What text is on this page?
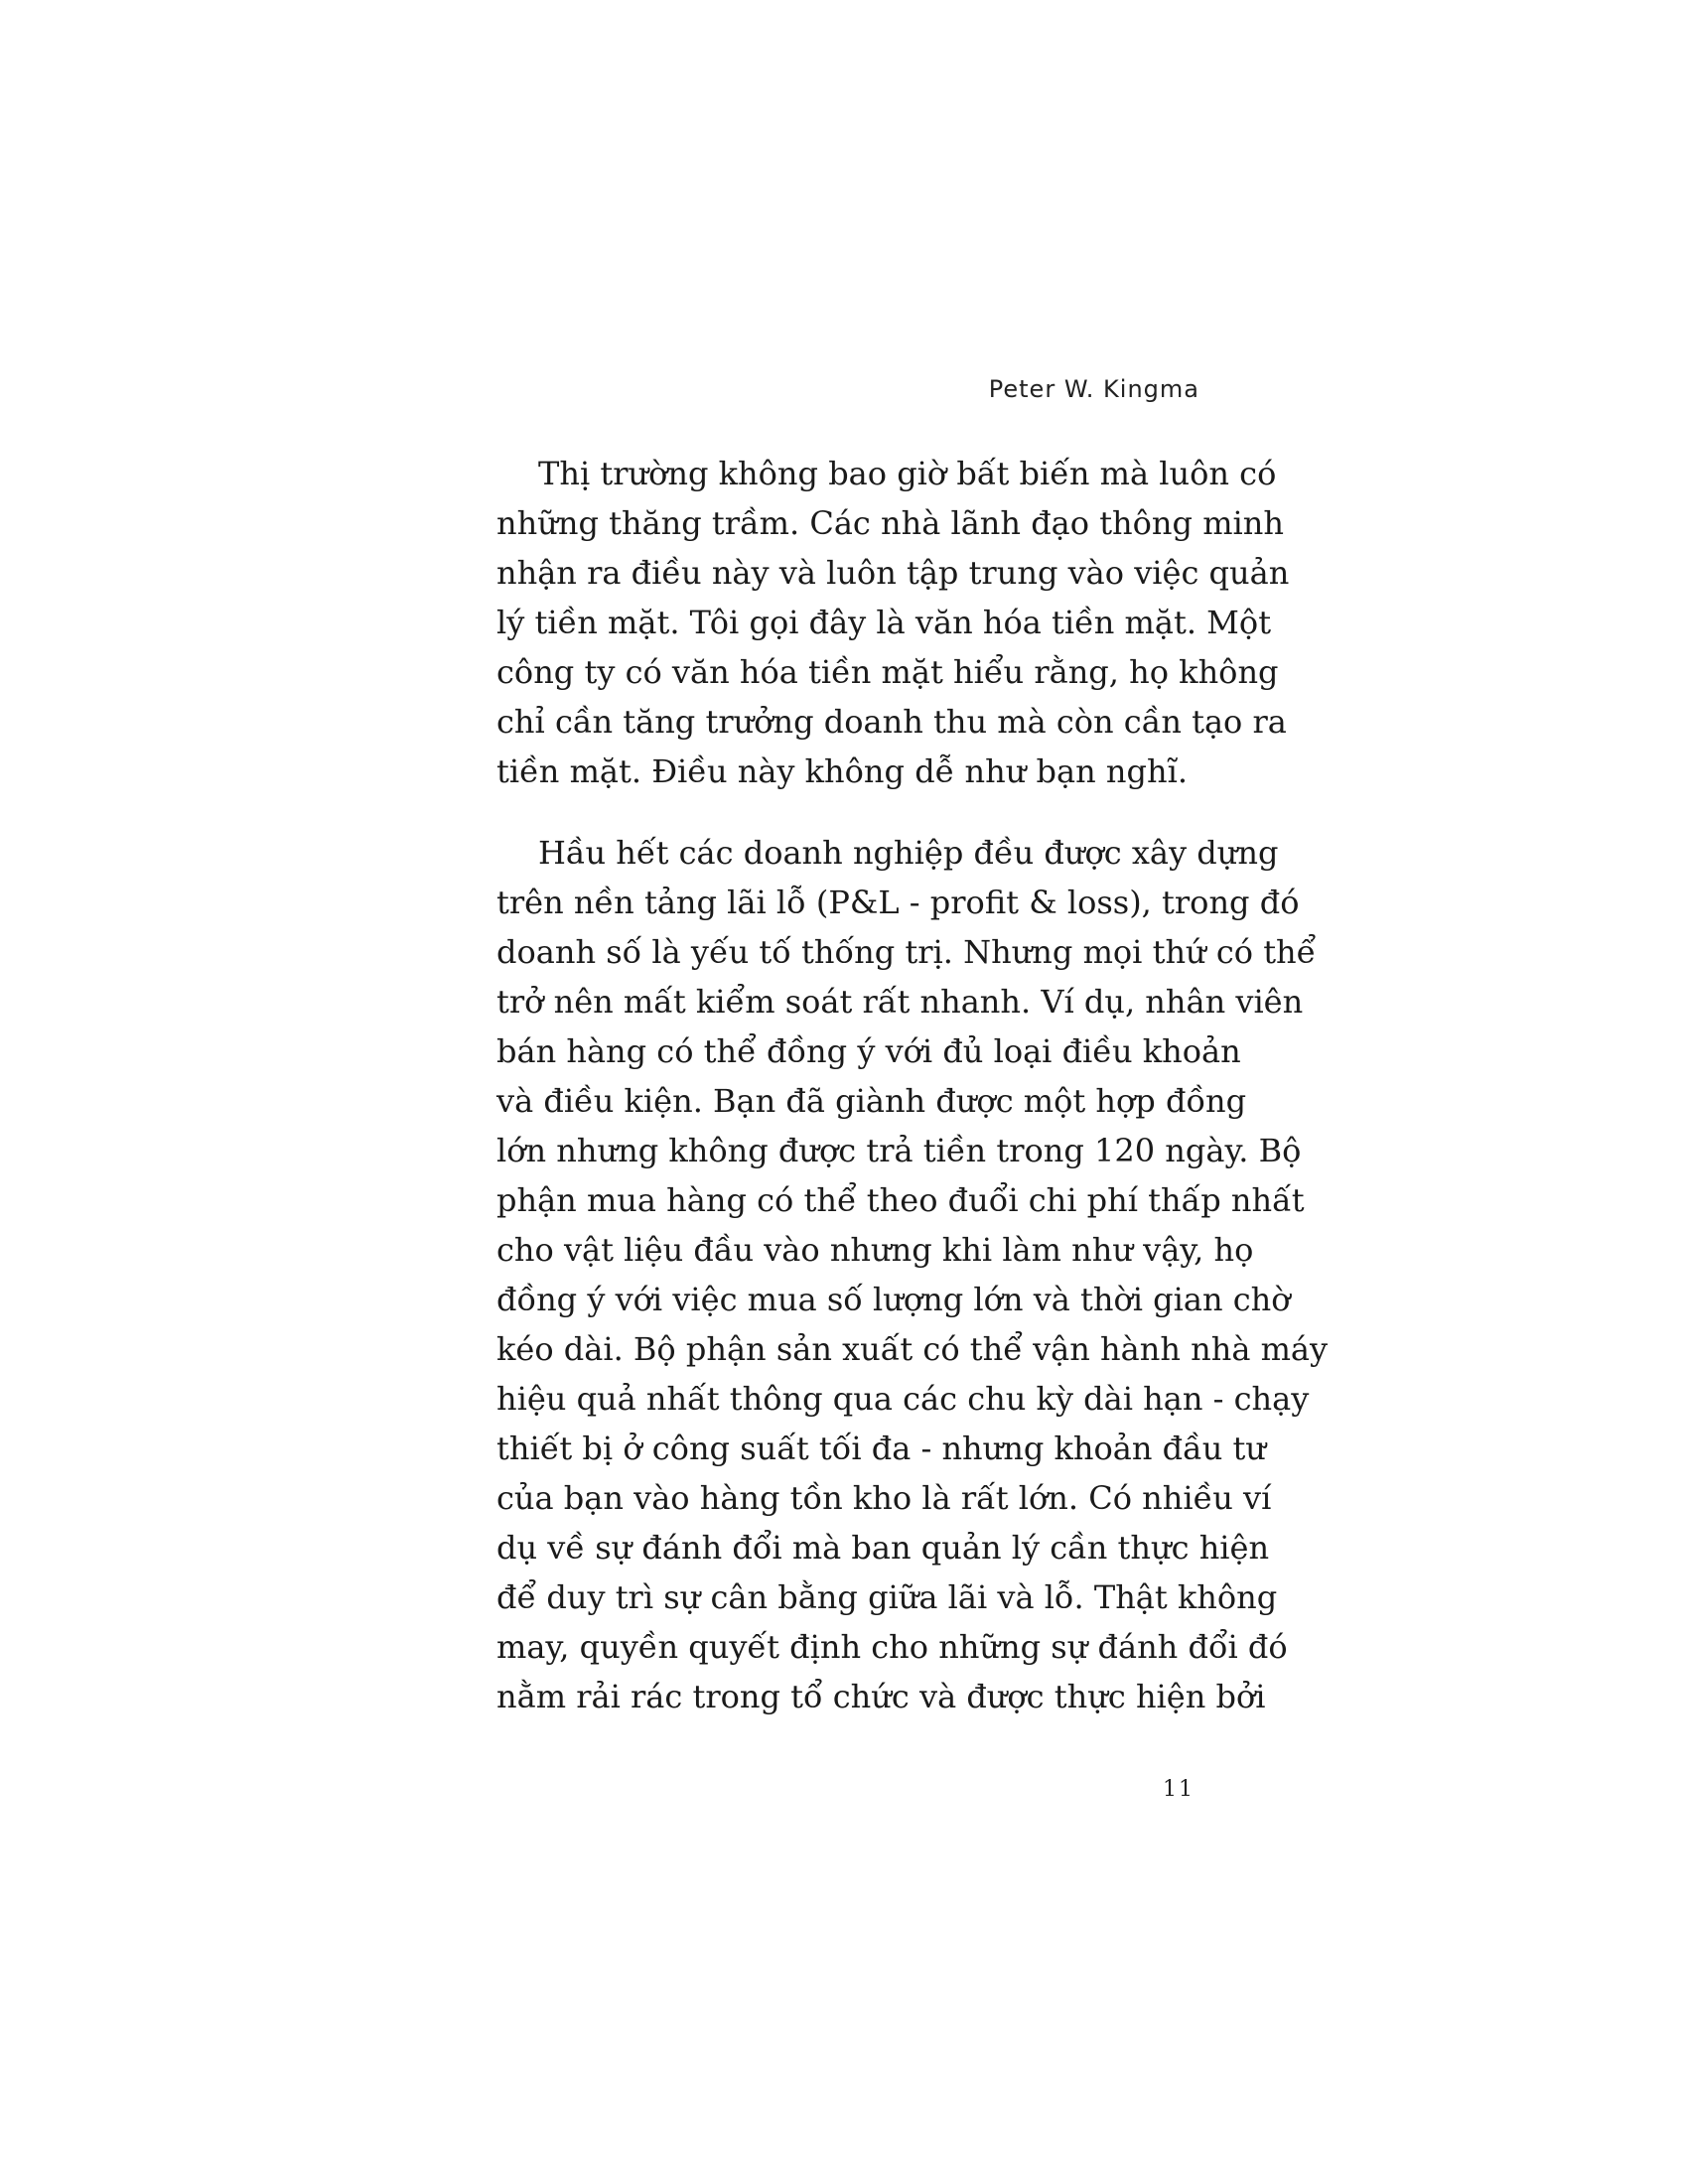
Peter W. Kingma
Thị trường không bao giờ bất biến mà luôn có
những thăng trầm. Các nhà lãnh đạo thông minh
nhận ra điều này và luôn tập trung vào việc quản
lý tiền mặt. Tôi gọi đây là văn hóa tiền mặt. Một
công ty có văn hóa tiền mặt hiểu rằng, họ không
chỉ cần tăng trưởng doanh thu mà còn cần tạo ra
tiền mặt. Điều này không dễ như bạn nghĩ.
Hầu hết các doanh nghiệp đều được xây dựng
trên nền tảng lãi lỗ (P&L - profit & loss), trong đó
doanh số là yếu tố thống trị. Nhưng mọi thứ có thể
trở nên mất kiểm soát rất nhanh. Ví dụ, nhân viên
bán hàng có thể đồng ý với đủ loại điều khoản
và điều kiện. Bạn đã giành được một hợp đồng
lớn nhưng không được trả tiền trong 120 ngày. Bộ
phận mua hàng có thể theo đuổi chi phí thấp nhất
cho vật liệu đầu vào nhưng khi làm như vậy, họ
đồng ý với việc mua số lượng lớn và thời gian chờ
kéo dài. Bộ phận sản xuất có thể vận hành nhà máy
hiệu quả nhất thông qua các chu kỳ dài hạn - chạy
thiết bị ở công suất tối đa - nhưng khoản đầu tư
của bạn vào hàng tồn kho là rất lớn. Có nhiều ví
dụ về sự đánh đổi mà ban quản lý cần thực hiện
để duy trì sự cân bằng giữa lãi và lỗ. Thật không
may, quyền quyết định cho những sự đánh đổi đó
nằm rải rác trong tổ chức và được thực hiện bởi
11
